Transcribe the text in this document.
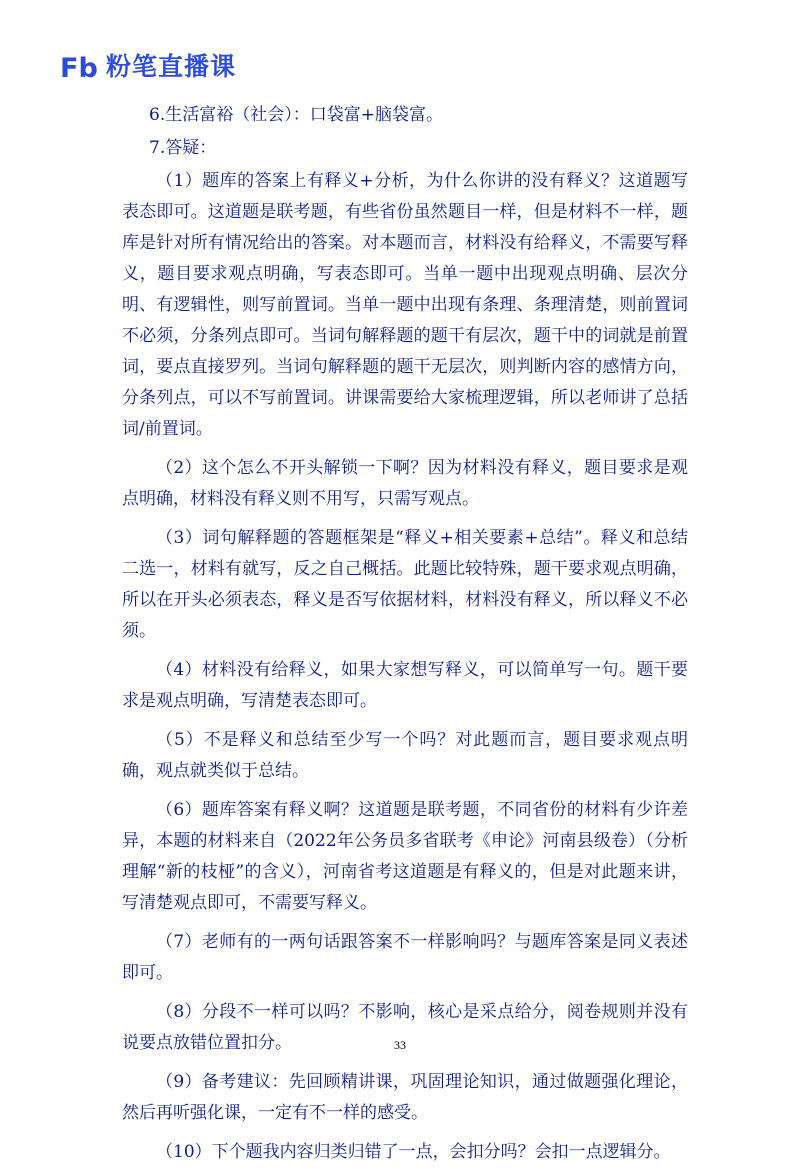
Fb 粉笔直播课

6.生活富裕（社会）：口袋富+脑袋富。

7.答疑：

（1）题库的答案上有释义+分析，为什么你讲的没有释义？这道题写表态即可。这道题是联考题，有些省份虽然题目一样，但是材料不一样，题库是针对所有情况给出的答案。对本题而言，材料没有给释义，不需要写释义，题目要求观点明确，写表态即可。当单一题中出现观点明确、层次分明、有逻辑性，则写前置词。当单一题中出现有条理、条理清楚，则前置词不必须，分条列点即可。当词句解释题的题干有层次，题干中的词就是前置词，要点直接罗列。当词句解释题的题干无层次，则判断内容的感情方向，分条列点，可以不写前置词。讲课需要给大家梳理逻辑，所以老师讲了总括词/前置词。

（2）这个怎么不开头解锁一下啊？因为材料没有释义，题目要求是观点明确，材料没有释义则不用写，只需写观点。

（3）词句解释题的答题框架是“释义+相关要素+总结”。释义和总结二选一，材料有就写，反之自己概括。此题比较特殊，题干要求观点明确，所以在开头必须表态，释义是否写依据材料，材料没有释义，所以释义不必须。

（4）材料没有给释义，如果大家想写释义，可以简单写一句。题干要求是观点明确，写清楚表态即可。

（5）不是释义和总结至少写一个吗？对此题而言，题目要求观点明确，观点就类似于总结。

（6）题库答案有释义啊？这道题是联考题，不同省份的材料有少许差异，本题的材料来自（2022年公务员多省联考《申论》河南县级卷）（分析理解“新的枝桠”的含义），河南省考这道题是有释义的，但是对此题来讲，写清楚观点即可，不需要写释义。

（7）老师有的一两句话跟答案不一样影响吗？与题库答案是同义表述即可。

（8）分段不一样可以吗？不影响，核心是采点给分，阅卷规则并没有说要点放错位置扣分。

（9）备考建议：先回顾精讲课，巩固理论知识，通过做题强化理论，然后再听强化课，一定有不一样的感受。

（10）下个题我内容归类归错了一点，会扣分吗？会扣一点逻辑分。

33
